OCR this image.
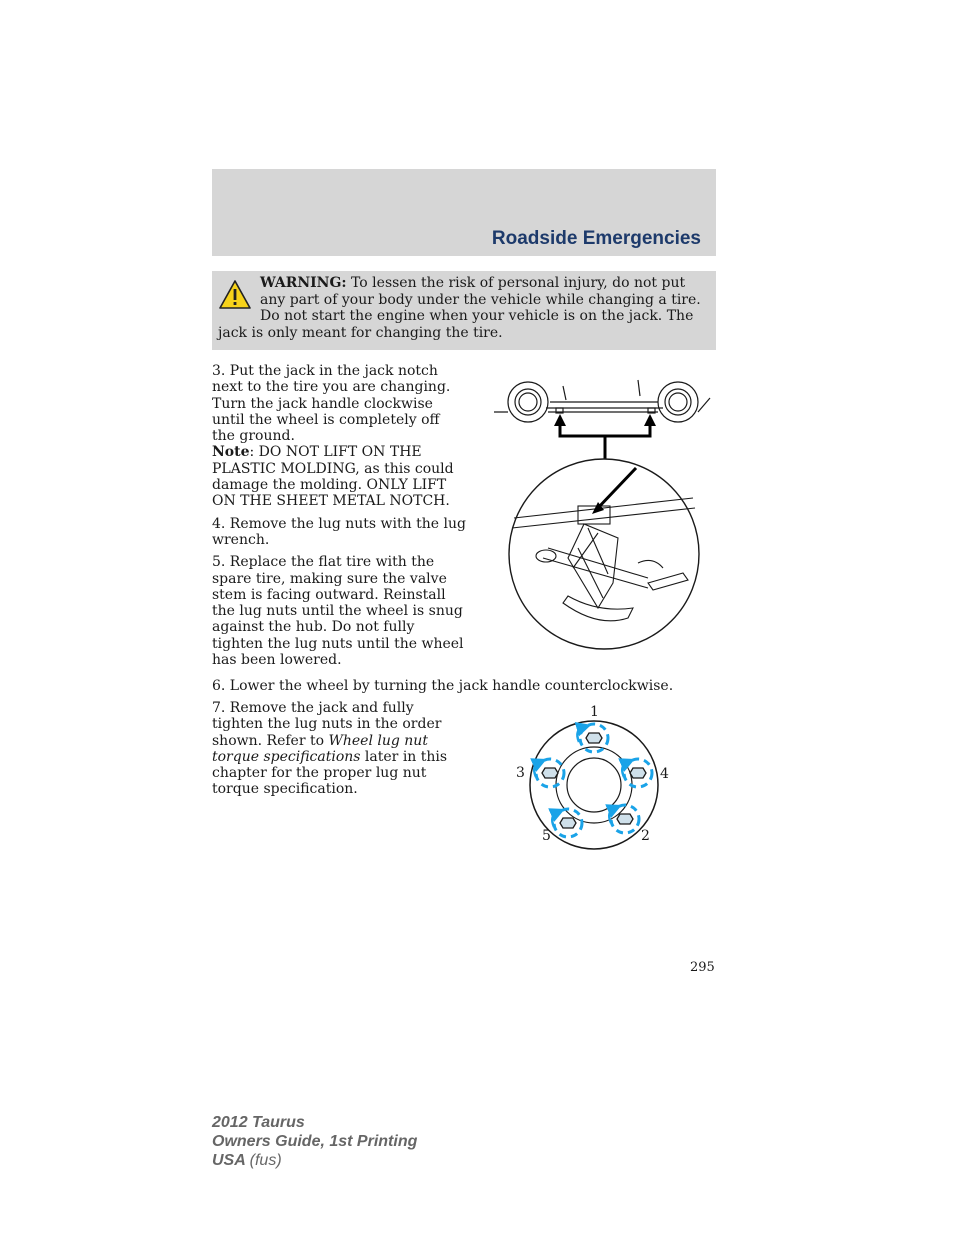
Roadside Emergencies
WARNING: To lessen the risk of personal injury, do not put any part of your body under the vehicle while changing a tire. Do not start the engine when your vehicle is on the jack. The jack is only meant for changing the tire.

3. Put the jack in the jack notch next to the tire you are changing. Turn the jack handle clockwise until the wheel is completely off the ground.
Note: DO NOT LIFT ON THE PLASTIC MOLDING, as this could damage the molding. ONLY LIFT ON THE SHEET METAL NOTCH.

4. Remove the lug nuts with the lug wrench.

5. Replace the flat tire with the spare tire, making sure the valve stem is facing outward. Reinstall the lug nuts until the wheel is snug against the hub. Do not fully tighten the lug nuts until the wheel has been lowered.

6. Lower the wheel by turning the jack handle counterclockwise.
7. Remove the jack and fully tighten the lug nuts in the order shown. Refer to Wheel lug nut torque specifications later in this chapter for the proper lug nut torque specification.
1
3	4
5	2
295
2012 Taurus
Owners Guide, 1st Printing
USA (fus)
